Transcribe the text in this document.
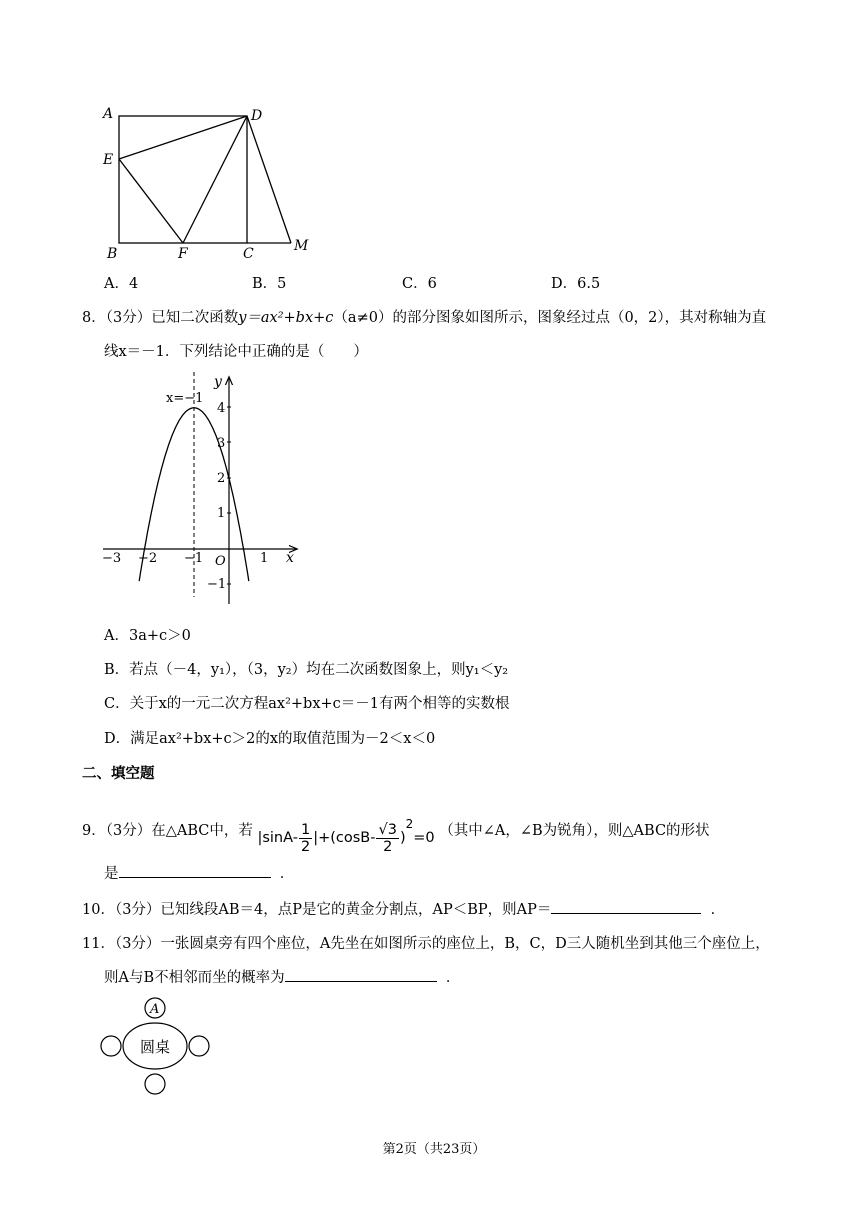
A	D
E
B	F	C	M
A．4	B．5	C．6	D．6.5
8．（3分）已知二次函数y＝ax²+bx+c（a≠0）的部分图象如图所示，图象经过点（0，2），其对称轴为直
线x＝－1．下列结论中正确的是（　　）
y
x
O
x=−1
−3 −2 −1	1
4
3
2
1
−1
A．3a+c＞0
B．若点（－4，y₁），（3，y₂）均在二次函数图象上，则y₁＜y₂
C．关于x的一元二次方程ax²+bx+c＝－1有两个相等的实数根
D．满足ax²+bx+c＞2的x的取值范围为－2＜x＜0
二、填空题
9．（3分）在△ABC中，若 $|\sin A- \frac{1}{2} |+(\cos B- \frac{√3}{2} )^2=0$ （其中∠A，∠B为锐角），则△ABC的形状
是	．
10．（3分）已知线段AB＝4，点P是它的黄金分割点，AP＜BP，则AP＝	．
11．（3分）一张圆桌旁有四个座位，A先坐在如图所示的座位上，B，C，D三人随机坐到其他三个座位上，
则A与B不相邻而坐的概率为	．
A
圆桌
第2页（共23页）
